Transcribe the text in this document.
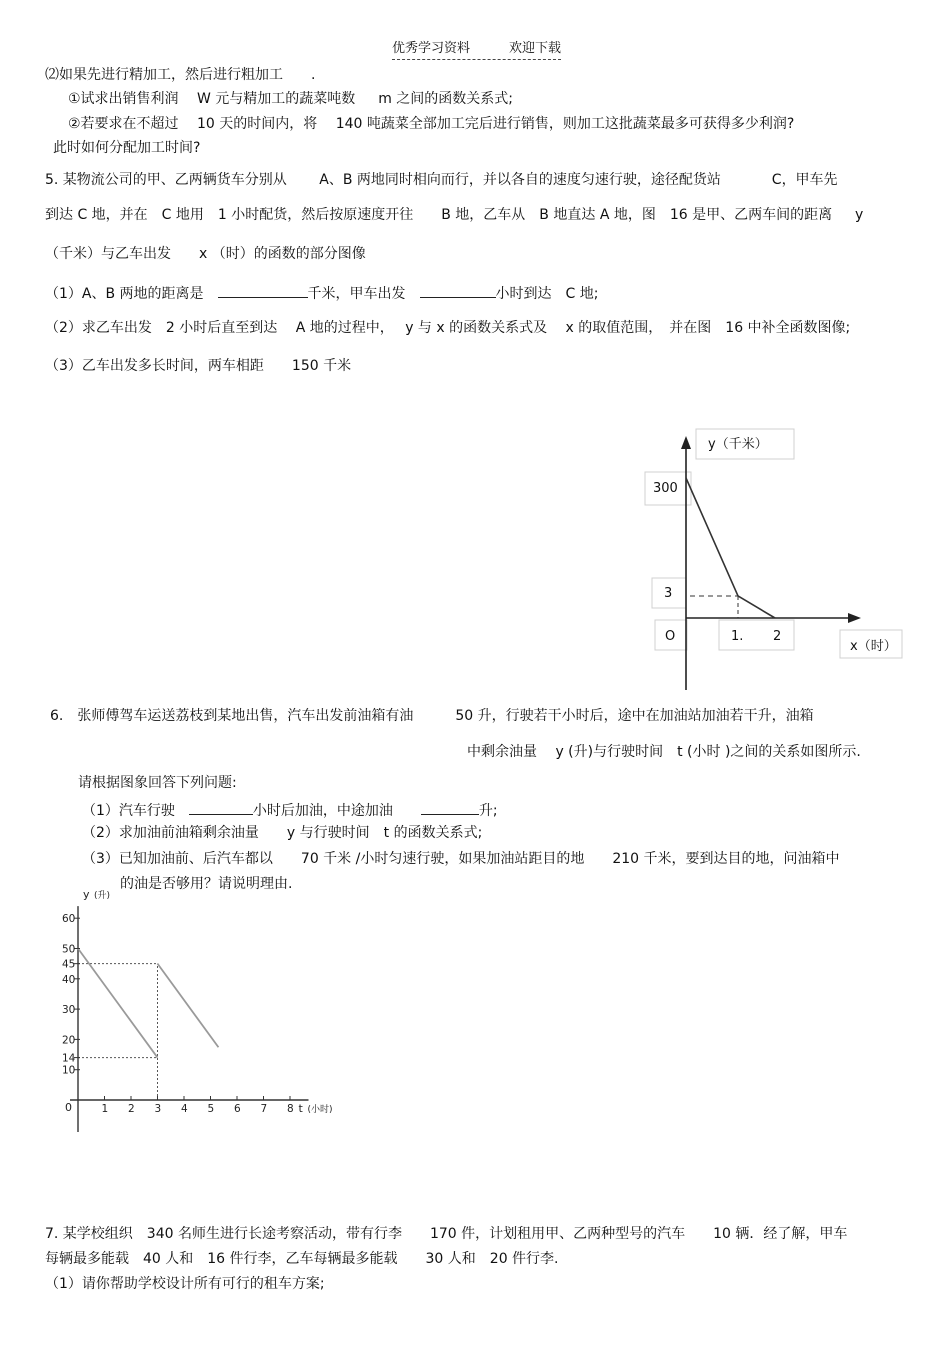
优秀学习资料　　　	欢迎下载
⑵如果先进行精加工，然后进行粗加工　　.
①试求出销售利润　 W 元与精加工的蔬菜吨数　  m 之间的函数关系式;
②若要求在不超过　 10 天的时间内，将　 140 吨蔬菜全部加工完后进行销售，则加工这批蔬菜最多可获得多少利润?
此时如何分配加工时间?
5. 某物流公司的甲、乙两辆货车分别从　　 A、B 两地同时相向而行，并以各自的速度匀速行驶，途径配货站　　　  C，甲车先
到达 C 地，并在　C 地用　1 小时配货，然后按原速度开往　　B 地，乙车从　B 地直达 A 地，图　16 是甲、乙两车间的距离　  y
（千米）与乙车出发　　x （时）的函数的部分图像
（1）A、B 两地的距离是　	千米，甲车出发　	小时到达　C 地;
（2）求乙车出发　2 小时后直至到达　 A 地的过程中，　 y 与 x 的函数关系式及　 x 的取值范围，　并在图　16 中补全函数图像;
（3）乙车出发多长时间，两车相距　　150 千米
y（千米）
300
3
O	1. 2
x（时）
6.　张师傅驾车运送荔枝到某地出售，汽车出发前油箱有油　　　50 升，行驶若干小时后，途中在加油站加油若干升，油箱
中剩余油量　 y (升)与行驶时间　t (小时 )之间的关系如图所示.
请根据图象回答下列问题:
（1）汽车行驶　	小时后加油，中途加油　　	升;
（2）求加油前油箱剩余油量　　y 与行驶时间　t 的函数关系式;
（3）已知加油前、后汽车都以　　70 千米 /小时匀速行驶，如果加油站距目的地　　210 千米，要到达目的地，问油箱中
的油是否够用？请说明理由.
y (升)
t (小时)
0
10
14
20
30
40
45
50
60
1 2 3 4 5 6 7 8
7. 某学校组织　340 名师生进行长途考察活动，带有行李　　170 件，计划租用甲、乙两种型号的汽车　　10 辆．经了解，甲车
每辆最多能载　40 人和　16 件行李，乙车每辆最多能载　　30 人和　20 件行李.
（1）请你帮助学校设计所有可行的租车方案;
